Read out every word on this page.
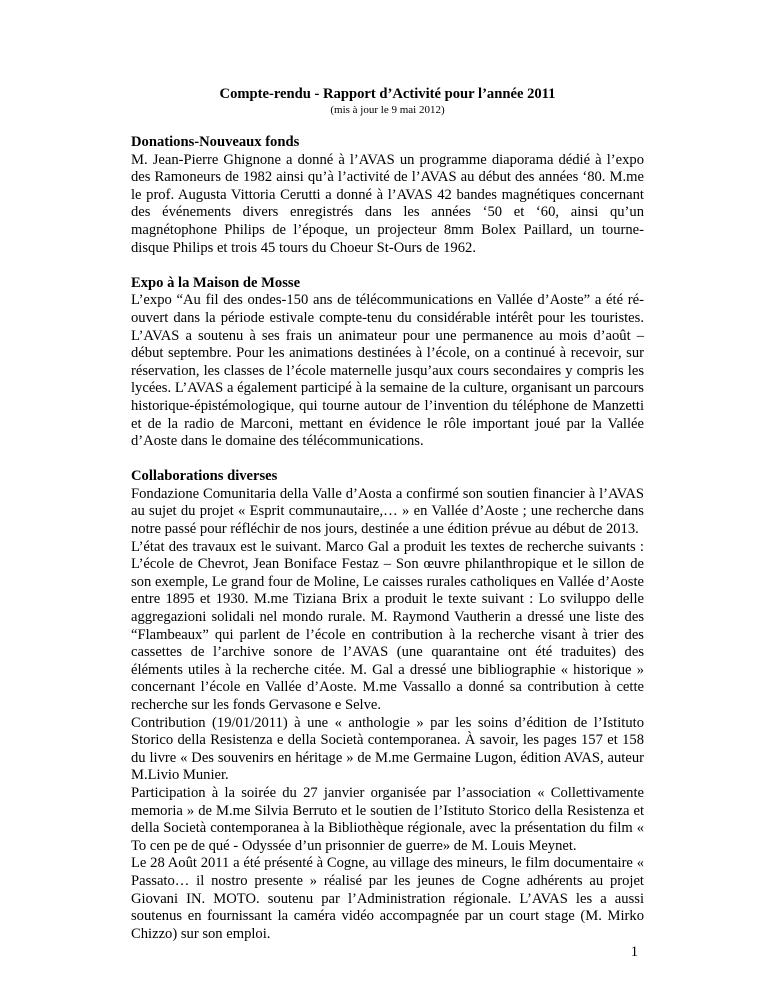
Compte-rendu - Rapport d’Activité pour l’année 2011

(mis à jour le 9 mai 2012)

Donations-Nouveaux fonds

M. Jean-Pierre Ghignone a donné à l’AVAS un programme diaporama dédié à l’expo des Ramoneurs de 1982 ainsi qu’à l’activité de l’AVAS au début des années ‘80. M.me le prof. Augusta Vittoria Cerutti a donné à l’AVAS 42 bandes magnétiques concernant des événements divers enregistrés dans les années ‘50 et ‘60, ainsi qu’un magnétophone Philips de l’époque, un projecteur 8mm Bolex Paillard, un tourne-disque Philips et trois 45 tours du Choeur St-Ours de 1962.

Expo à la Maison de Mosse

L’expo “Au fil des ondes-150 ans de télécommunications en Vallée d’Aoste” a été ré-ouvert dans la période estivale compte-tenu du considérable intérêt pour les touristes. L’AVAS a soutenu à ses frais un animateur pour une permanence au mois d’août – début septembre. Pour les animations destinées à l’école, on a continué à recevoir, sur réservation, les classes de l’école maternelle jusqu’aux cours secondaires y compris les lycées. L’AVAS a également participé à la semaine de la culture, organisant un parcours historique-épistémologique, qui tourne autour de l’invention du téléphone de Manzetti et de la radio de Marconi, mettant en évidence le rôle important joué par la Vallée d’Aoste dans le domaine des télécommunications.

Collaborations diverses

Fondazione Comunitaria della Valle d’Aosta a confirmé son soutien financier à l’AVAS au sujet du projet « Esprit communautaire,… » en Vallée d’Aoste ; une recherche dans notre passé pour réfléchir de nos jours, destinée a une édition prévue au début de 2013.

L’état des travaux est le suivant. Marco Gal a produit les textes de recherche suivants : L’école de Chevrot, Jean Boniface Festaz – Son œuvre philanthropique et le sillon de son exemple, Le grand four de Moline, Le caisses rurales catholiques en Vallée d’Aoste entre 1895 et 1930. M.me Tiziana Brix a produit le texte suivant : Lo sviluppo delle aggregazioni solidali nel mondo rurale. M. Raymond Vautherin a dressé une liste des “Flambeaux” qui parlent de l’école en contribution à la recherche visant à trier des cassettes de l’archive sonore de l’AVAS (une quarantaine ont été traduites) des éléments utiles à la recherche citée. M. Gal a dressé une bibliographie « historique » concernant l’école en Vallée d’Aoste. M.me Vassallo a donné sa contribution à cette recherche sur les fonds Gervasone e Selve.

Contribution (19/01/2011) à une « anthologie » par les soins d’édition de l’Istituto Storico della Resistenza e della Società contemporanea. À savoir, les pages 157 et 158 du livre « Des souvenirs en héritage » de M.me Germaine Lugon, édition AVAS, auteur M.Livio Munier.

Participation à la soirée du 27 janvier organisée par l’association « Collettivamente memoria » de M.me Silvia Berruto et le soutien de l’Istituto Storico della Resistenza et della Società contemporanea à la Bibliothèque régionale, avec la présentation du film « To cen pe de qué - Odyssée d’un prisonnier de guerre» de M. Louis Meynet.

Le 28 Août 2011 a été présenté à Cogne, au village des mineurs, le film documentaire « Passato… il nostro presente » réalisé par les jeunes de Cogne adhérents au projet Giovani IN. MOTO. soutenu par l’Administration régionale. L’AVAS les a aussi soutenus en fournissant la caméra vidéo accompagnée par un court stage (M. Mirko Chizzo) sur son emploi.

1
